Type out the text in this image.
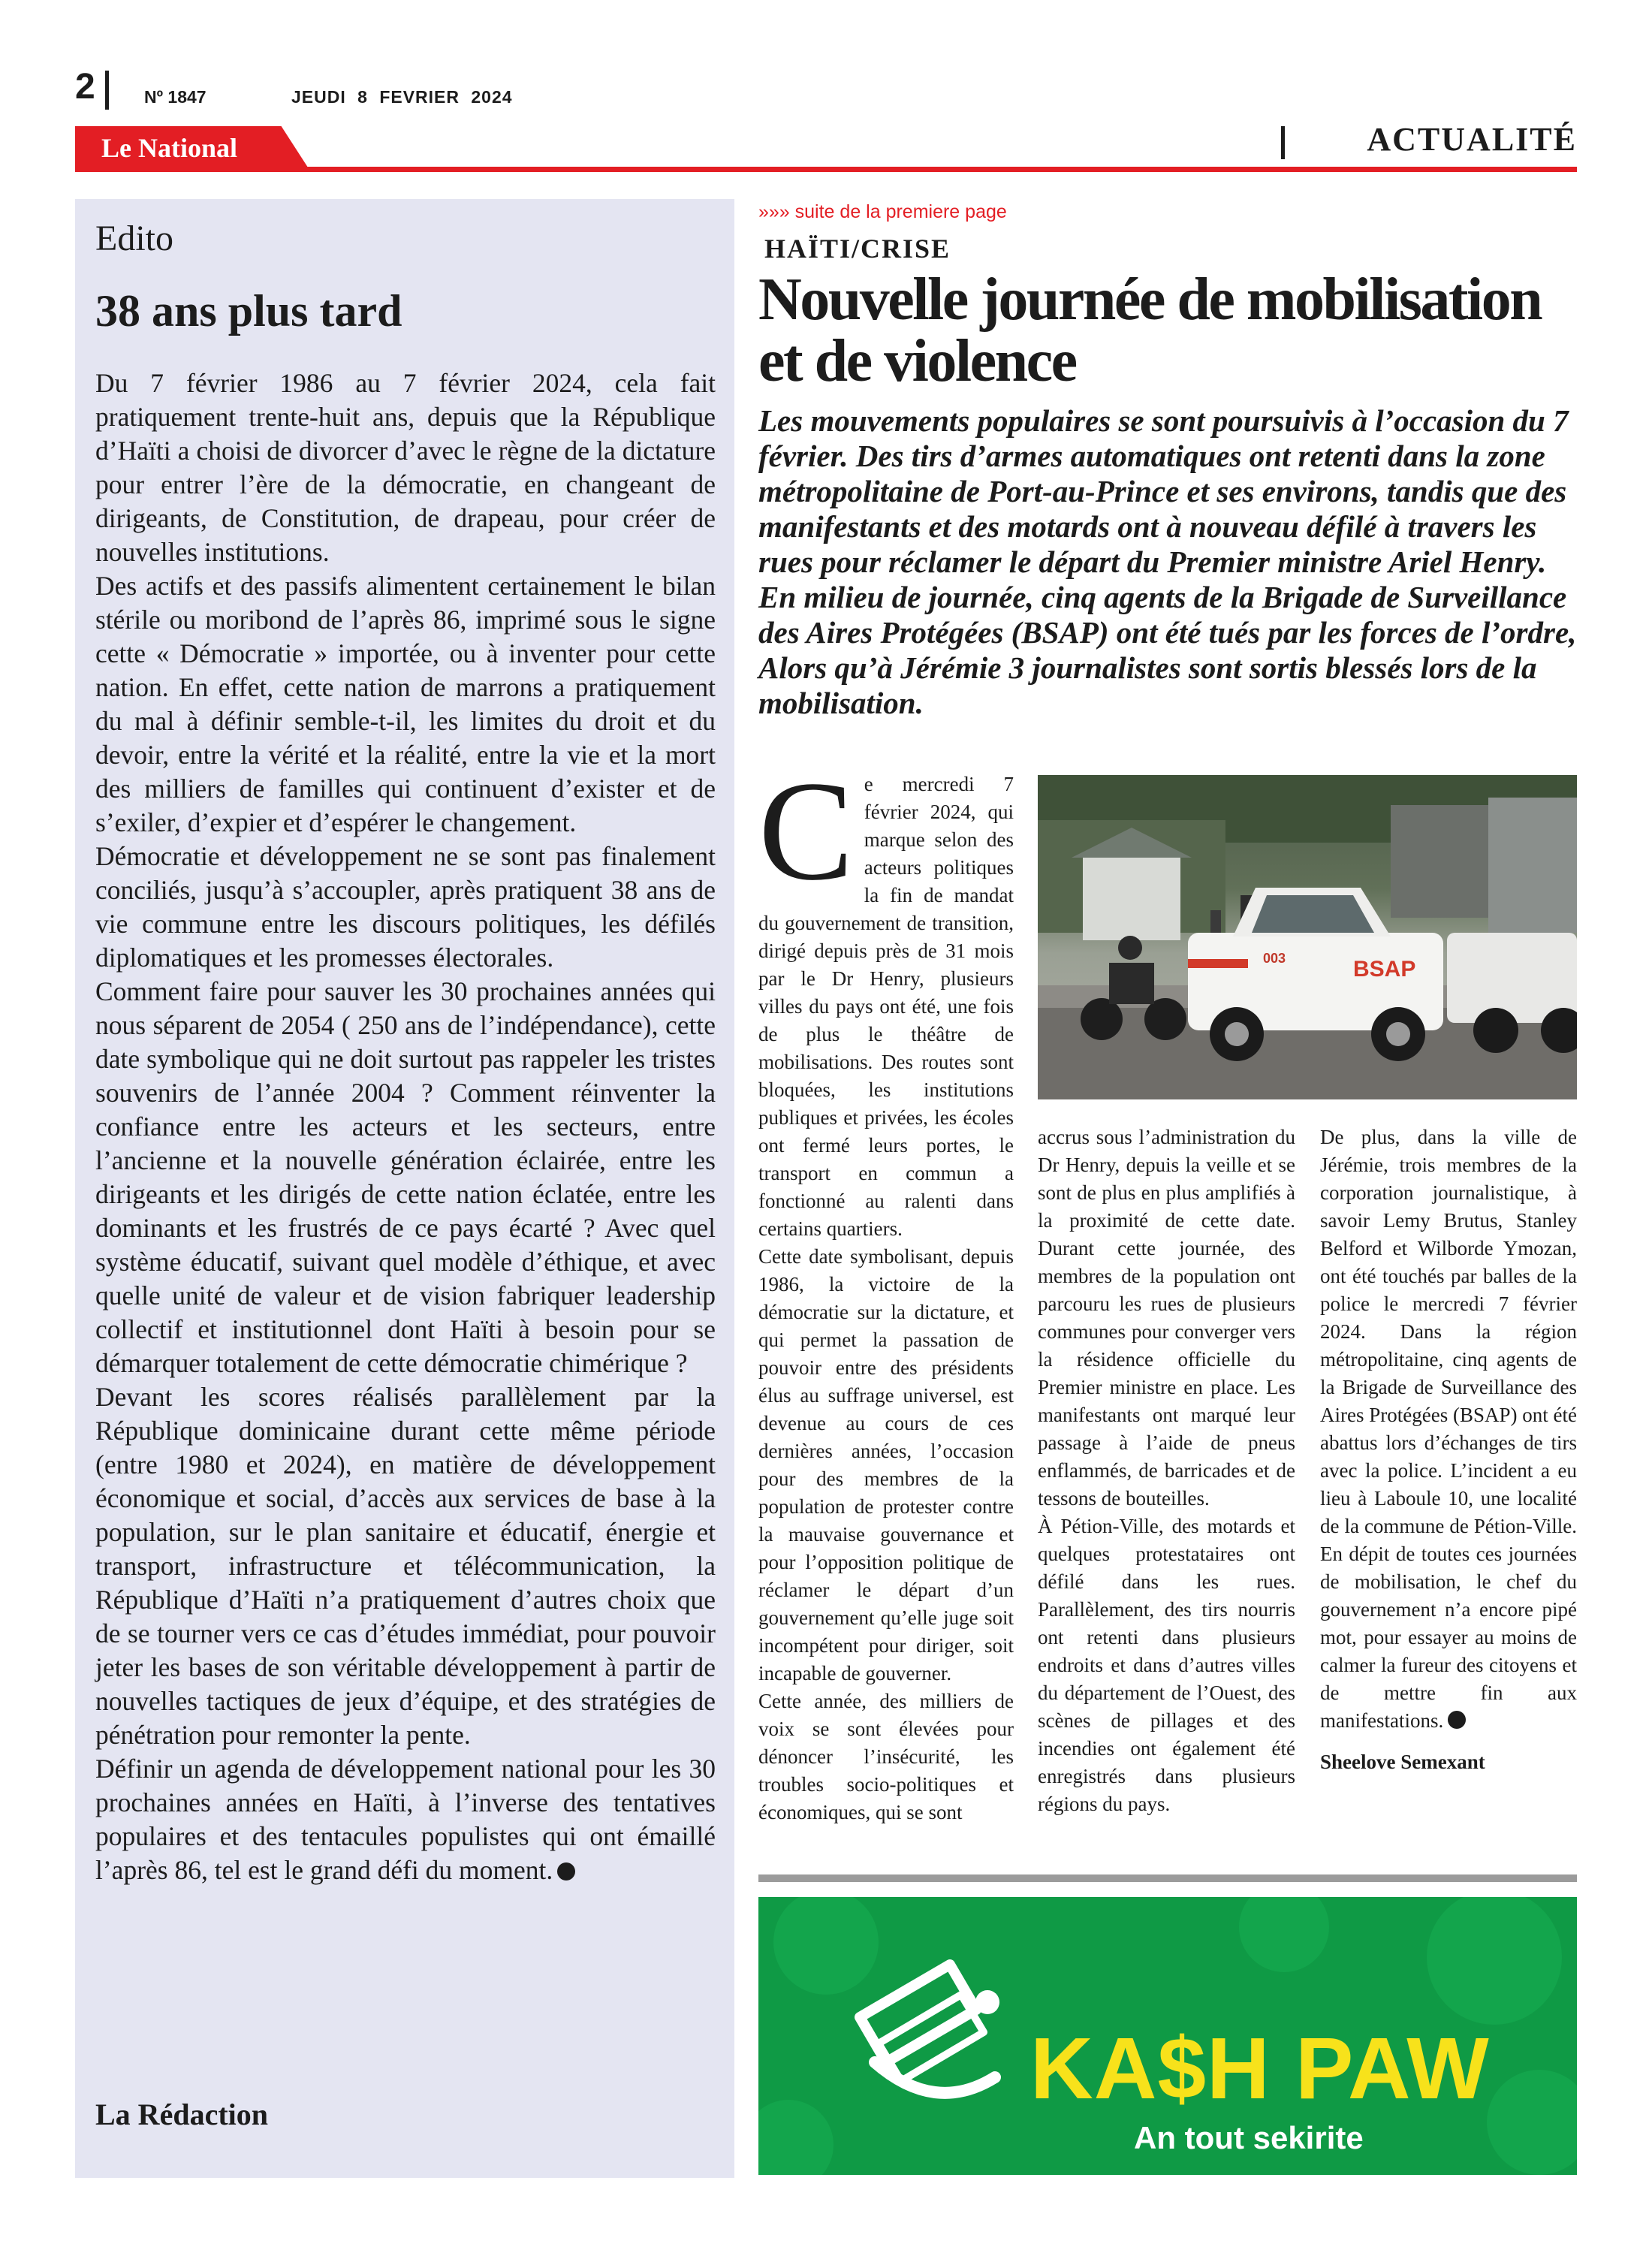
2	Nº 1847	JEUDI 8 FEVRIER 2024
Le National	ACTUALITÉ
Edito
38 ans plus tard

Du 7 février 1986 au 7 février 2024, cela fait pratiquement trente-huit ans, depuis que la République d’Haïti a choisi de divorcer d’avec le règne de la dictature pour entrer l’ère de la démocratie, en changeant de dirigeants, de Constitution, de drapeau, pour créer de nouvelles institutions.

Des actifs et des passifs alimentent certainement le bilan stérile ou moribond de l’après 86, imprimé sous le signe cette « Démocratie » importée, ou à inventer pour cette nation. En effet, cette nation de marrons a pratiquement du mal à définir semble-t-il, les limites du droit et du devoir, entre la vérité et la réalité, entre la vie et la mort des milliers de familles qui continuent d’exister et de s’exiler, d’expier et d’espérer le changement.

Démocratie et développement ne se sont pas finalement conciliés, jusqu’à s’accoupler, après pratiquent 38 ans de vie commune entre les discours politiques, les défilés diplomatiques et les promesses électorales.

Comment faire pour sauver les 30 prochaines années qui nous séparent de 2054 ( 250 ans de l’indépendance), cette date symbolique qui ne doit surtout pas rappeler les tristes souvenirs de l’année 2004 ? Comment réinventer la confiance entre les acteurs et les secteurs, entre l’ancienne et la nouvelle génération éclairée, entre les dirigeants et les dirigés de cette nation éclatée, entre les dominants et les frustrés de ce pays écarté ? Avec quel système éducatif, suivant quel modèle d’éthique, et avec quelle unité de valeur et de vision fabriquer leadership collectif et institutionnel dont Haïti à besoin pour se démarquer totalement de cette démocratie chimérique ?

Devant les scores réalisés parallèlement par la République dominicaine durant cette même période (entre 1980 et 2024), en matière de développement économique et social, d’accès aux services de base à la population, sur le plan sanitaire et éducatif, énergie et transport, infrastructure et télécommunication, la République d’Haïti n’a pratiquement d’autres choix que de se tourner vers ce cas d’études immédiat, pour pouvoir jeter les bases de son véritable développement à partir de nouvelles tactiques de jeux d’équipe, et des stratégies de pénétration pour remonter la pente.

Définir un agenda de développement national pour les 30 prochaines années en Haïti, à l’inverse des tentatives populaires et des tentacules populistes qui ont émaillé l’après 86, tel est le grand défi du moment.

La Rédaction
»»» suite de la premiere page
HAÏTI/CRISE
Nouvelle journée de mobilisation et de violence
Les mouvements populaires se sont poursuivis à l’occasion du 7 février. Des tirs d’armes automatiques ont retenti dans la zone métropolitaine de Port-au-Prince et ses environs, tandis que des manifestants et des motards ont à nouveau défilé à travers les rues pour réclamer le départ du Premier ministre Ariel Henry. En milieu de journée, cinq agents de la Brigade de Surveillance des Aires Protégées (BSAP) ont été tués par les forces de l’ordre, Alors qu’à Jérémie 3 journalistes sont sortis blessés lors de la mobilisation.
BSAP
003
C e mercredi 7 février 2024, qui marque selon des acteurs politiques la fin de mandat du gouvernement de transition, dirigé depuis près de 31 mois par le Dr Henry, plusieurs villes du pays ont été, une fois de plus le théâtre de mobilisations. Des routes sont bloquées, les institutions publiques et privées, les écoles ont fermé leurs portes, le transport en commun a fonctionné au ralenti dans certains quartiers.

Cette date symbolisant, depuis 1986, la victoire de la démocratie sur la dictature, et qui permet la passation de pouvoir entre des présidents élus au suffrage universel, est devenue au cours de ces dernières années, l’occasion pour des membres de la population de protester contre la mauvaise gouvernance et pour l’opposition politique de réclamer le départ d’un gouvernement qu’elle juge soit incompétent pour diriger, soit incapable de gouverner.

Cette année, des milliers de voix se sont élevées pour dénoncer l’insécurité, les troubles socio-politiques et économiques, qui se sont

accrus sous l’administration du Dr Henry, depuis la veille et se sont de plus en plus amplifiés à la proximité de cette date. Durant cette journée, des membres de la population ont parcouru les rues de plusieurs communes pour converger vers la résidence officielle du Premier ministre en place. Les manifestants ont marqué leur passage à l’aide de pneus enflammés, de barricades et de tessons de bouteilles.

À Pétion-Ville, des motards et quelques protestataires ont défilé dans les rues. Parallèlement, des tirs nourris ont retenti dans plusieurs endroits et dans d’autres villes du département de l’Ouest, des scènes de pillages et des incendies ont également été enregistrés dans plusieurs régions du pays.

De plus, dans la ville de Jérémie, trois membres de la corporation journalistique, à savoir Lemy Brutus, Stanley Belford et Wilborde Ymozan, ont été touchés par balles de la police le mercredi 7 février 2024. Dans la région métropolitaine, cinq agents de la Brigade de Surveillance des Aires Protégées (BSAP) ont été abattus lors d’échanges de tirs avec la police. L’incident a eu lieu à Laboule 10, une localité de la commune de Pétion-Ville. En dépit de toutes ces journées de mobilisation, le chef du gouvernement n’a encore pipé mot, pour essayer au moins de calmer la fureur des citoyens et de mettre fin aux manifestations.

Sheelove Semexant

KA$H PAW
An tout sekirite
